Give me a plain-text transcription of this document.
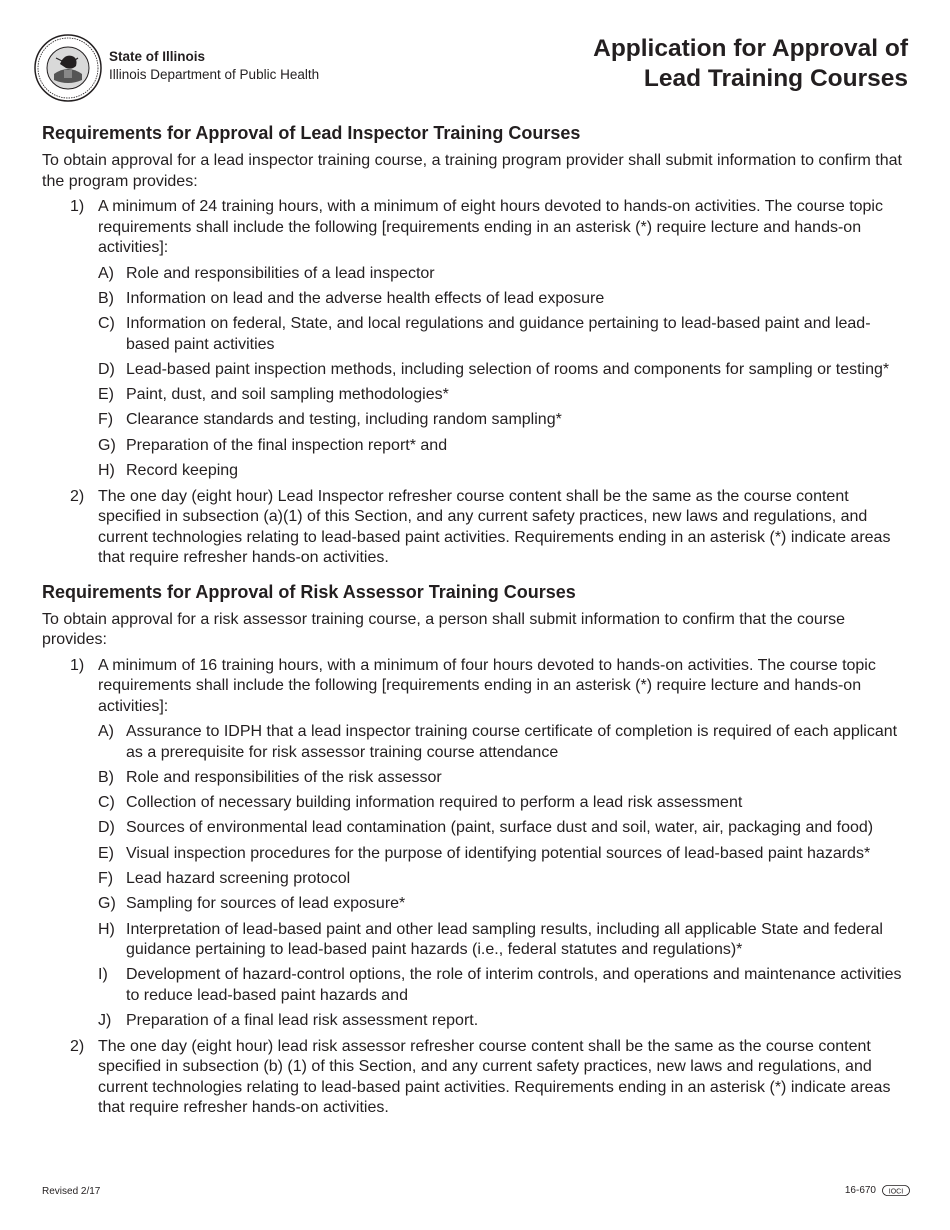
State of Illinois
Illinois Department of Public Health
Application for Approval of
Lead Training Courses
Requirements for Approval of Lead Inspector Training Courses

To obtain approval for a lead inspector training course, a training program provider shall submit information to confirm that the program provides:

1) A minimum of 24 training hours, with a minimum of eight hours devoted to hands-on activities. The course topic requirements shall include the following [requirements ending in an asterisk (*) require lecture and hands-on activities]:
A) Role and responsibilities of a lead inspector
B) Information on lead and the adverse health effects of lead exposure
C) Information on federal, State, and local regulations and guidance pertaining to lead-based paint and lead-based paint activities
D) Lead-based paint inspection methods, including selection of rooms and components for sampling or testing*
E) Paint, dust, and soil sampling methodologies*
F) Clearance standards and testing, including random sampling*
G) Preparation of the final inspection report* and
H) Record keeping
2) The one day (eight hour) Lead Inspector refresher course content shall be the same as the course content specified in subsection (a)(1) of this Section, and any current safety practices, new laws and regulations, and current technologies relating to lead-based paint activities. Requirements ending in an asterisk (*) indicate areas that require refresher hands-on activities.
Requirements for Approval of Risk Assessor Training Courses

To obtain approval for a risk assessor training course, a person shall submit information to confirm that the course provides:

1) A minimum of 16 training hours, with a minimum of four hours devoted to hands-on activities. The course topic requirements shall include the following [requirements ending in an asterisk (*) require lecture and hands-on activities]:
A) Assurance to IDPH that a lead inspector training course certificate of completion is required of each applicant as a prerequisite for risk assessor training course attendance
B) Role and responsibilities of the risk assessor
C) Collection of necessary building information required to perform a lead risk assessment
D) Sources of environmental lead contamination (paint, surface dust and soil, water, air, packaging and food)
E) Visual inspection procedures for the purpose of identifying potential sources of lead-based paint hazards*
F) Lead hazard screening protocol
G) Sampling for sources of lead exposure*
H) Interpretation of lead-based paint and other lead sampling results, including all applicable State and federal guidance pertaining to lead-based paint hazards (i.e., federal statutes and regulations)*
I) Development of hazard-control options, the role of interim controls, and operations and maintenance activities to reduce lead-based paint hazards and
J) Preparation of a final lead risk assessment report.
2) The one day (eight hour) lead risk assessor refresher course content shall be the same as the course content specified in subsection (b) (1) of this Section, and any current safety practices, new laws and regulations, and current technologies relating to lead-based paint activities. Requirements ending in an asterisk (*) indicate areas that require refresher hands-on activities.
Revised 2/17	16-670 IOCI
